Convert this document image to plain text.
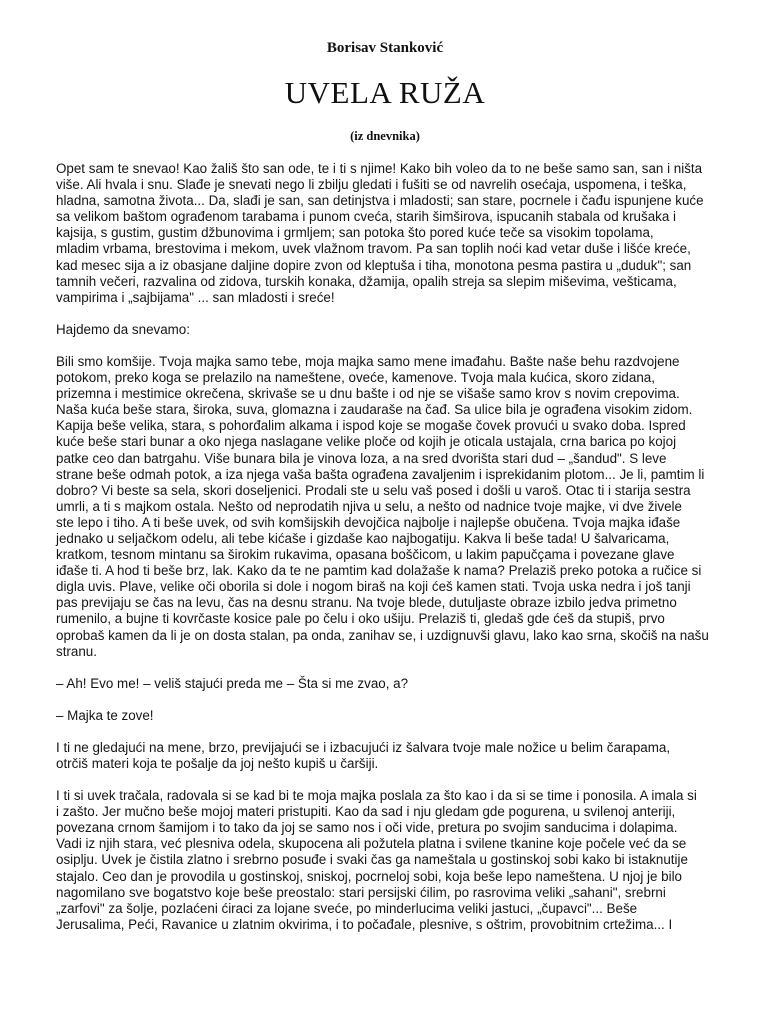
Borisav Stanković
UVELA RUŽA
(iz dnevnika)

Opet sam te snevao! Kao žališ što san ode, te i ti s njime! Kako bih voleo da to ne beše samo san, san i ništa
više. Ali hvala i snu. Slađe je snevati nego li zbilju gledati i fušiti se od navrelih osećaja, uspomena, i teška,
hladna, samotna života... Da, slađi je san, san detinjstva i mladosti; san stare, pocrnele i čađu ispunjene kuće
sa velikom baštom ograđenom tarabama i punom cveća, starih šimširova, ispucanih stabala od krušaka i
kajsija, s gustim, gustim džbunovima i grmljem; san potoka što pored kuće teče sa visokim topolama,
mladim vrbama, brestovima i mekom, uvek vlažnom travom. Pa san toplih noći kad vetar duše i lišće kreće,
kad mesec sija a iz obasjane daljine dopire zvon od kleptuša i tiha, monotona pesma pastira u „duduk"; san
tamnih večeri, razvalina od zidova, turskih konaka, džamija, opalih streja sa slepim miševima, vešticama,
vampirima i „sajbijama" ... san mladosti i sreće!

Hajdemo da snevamo:

Bili smo komšije. Tvoja majka samo tebe, moja majka samo mene imađahu. Bašte naše behu razdvojene
potokom, preko koga se prelazilo na nameštene, oveće, kamenove. Tvoja mala kućica, skoro zidana,
prizemna i mestimice okrečena, skrivaše se u dnu bašte i od nje se višaše samo krov s novim crepovima.
Naša kuća beše stara, široka, suva, glomazna i zaudaraše na čađ. Sa ulice bila je ograđena visokim zidom.
Kapija beše velika, stara, s pohorđalim alkama i ispod koje se mogaše čovek provući u svako doba. Ispred
kuće beše stari bunar a oko njega naslagane velike ploče od kojih je oticala ustajala, crna barica po kojoj
patke ceo dan batrgahu. Više bunara bila je vinova loza, a na sred dvorišta stari dud – „šandud". S leve
strane beše odmah potok, a iza njega vaša bašta ograđena zavaljenim i isprekidanim plotom... Je li, pamtim li
dobro? Vi beste sa sela, skori doseljenici. Prodali ste u selu vaš posed i došli u varoš. Otac ti i starija sestra
umrli, a ti s majkom ostala. Nešto od neprodatih njiva u selu, a nešto od nadnice tvoje majke, vi dve živele
ste lepo i tiho. A ti beše uvek, od svih komšijskih devojčica najbolje i najlepše obučena. Tvoja majka iđaše
jednako u seljačkom odelu, ali tebe kićaše i gizdaše kao najbogatiju. Kakva li beše tada! U šalvaricama,
kratkom, tesnom mintanu sa širokim rukavima, opasana boščicom, u lakim papučçama i povezane glave
iđaše ti. A hod ti beše brz, lak. Kako da te ne pamtim kad dolažaše k nama? Prelaziš preko potoka a ručice si
digla uvis. Plave, velike oči oborila si dole i nogom biraš na koji ćeš kamen stati. Tvoja uska nedra i još tanji
pas previjaju se čas na levu, čas na desnu stranu. Na tvoje blede, dutuljaste obraze izbilo jedva primetno
rumenilo, a bujne ti kovrčaste kosice pale po čelu i oko ušiju. Prelaziš ti, gledaš gde ćeš da stupiš, prvo
oprobaš kamen da li je on dosta stalan, pa onda, zanihav se, i uzdignuvši glavu, lako kao srna, skočiš na našu
stranu.

– Ah! Evo me! – veliš stajući preda me – Šta si me zvao, a?

– Majka te zove!

I ti ne gledajući na mene, brzo, previjajući se i izbacujući iz šalvara tvoje male nožice u belim čarapama,
otrčiš materi koja te pošalje da joj nešto kupiš u čaršiji.

I ti si uvek tračala, radovala si se kad bi te moja majka poslala za što kao i da si se time i ponosila. A imala si
i zašto. Jer mučno beše mojoj materi pristupiti. Kao da sad i nju gledam gde pogurena, u svilenoj anteriji,
povezana crnom šamijom i to tako da joj se samo nos i oči vide, pretura po svojim sanducima i dolapima.
Vadi iz njih stara, već plesniva odela, skupocena ali požutela platna i svilene tkanine koje počele već da se
osiplju. Uvek je čistila zlatno i srebrno posuđe i svaki čas ga nameštala u gostinskoj sobi kako bi istaknutije
stajalo. Ceo dan je provodila u gostinskoj, sniskoj, pocrneloj sobi, koja beše lepo nameštena. U njoj je bilo
nagomilano sve bogatstvo koje beše preostalo: stari persijski ćilim, po rasrovima veliki „sahani", srebrni
„zarfovi" za šolje, pozlaćeni ćiraci za lojane sveće, po minderlucima veliki jastuci, „čupavci"... Beše
Jerusalima, Peći, Ravanice u zlatnim okvirima, i to počađale, plesnive, s oštrim, provobitnim crtežima... I
